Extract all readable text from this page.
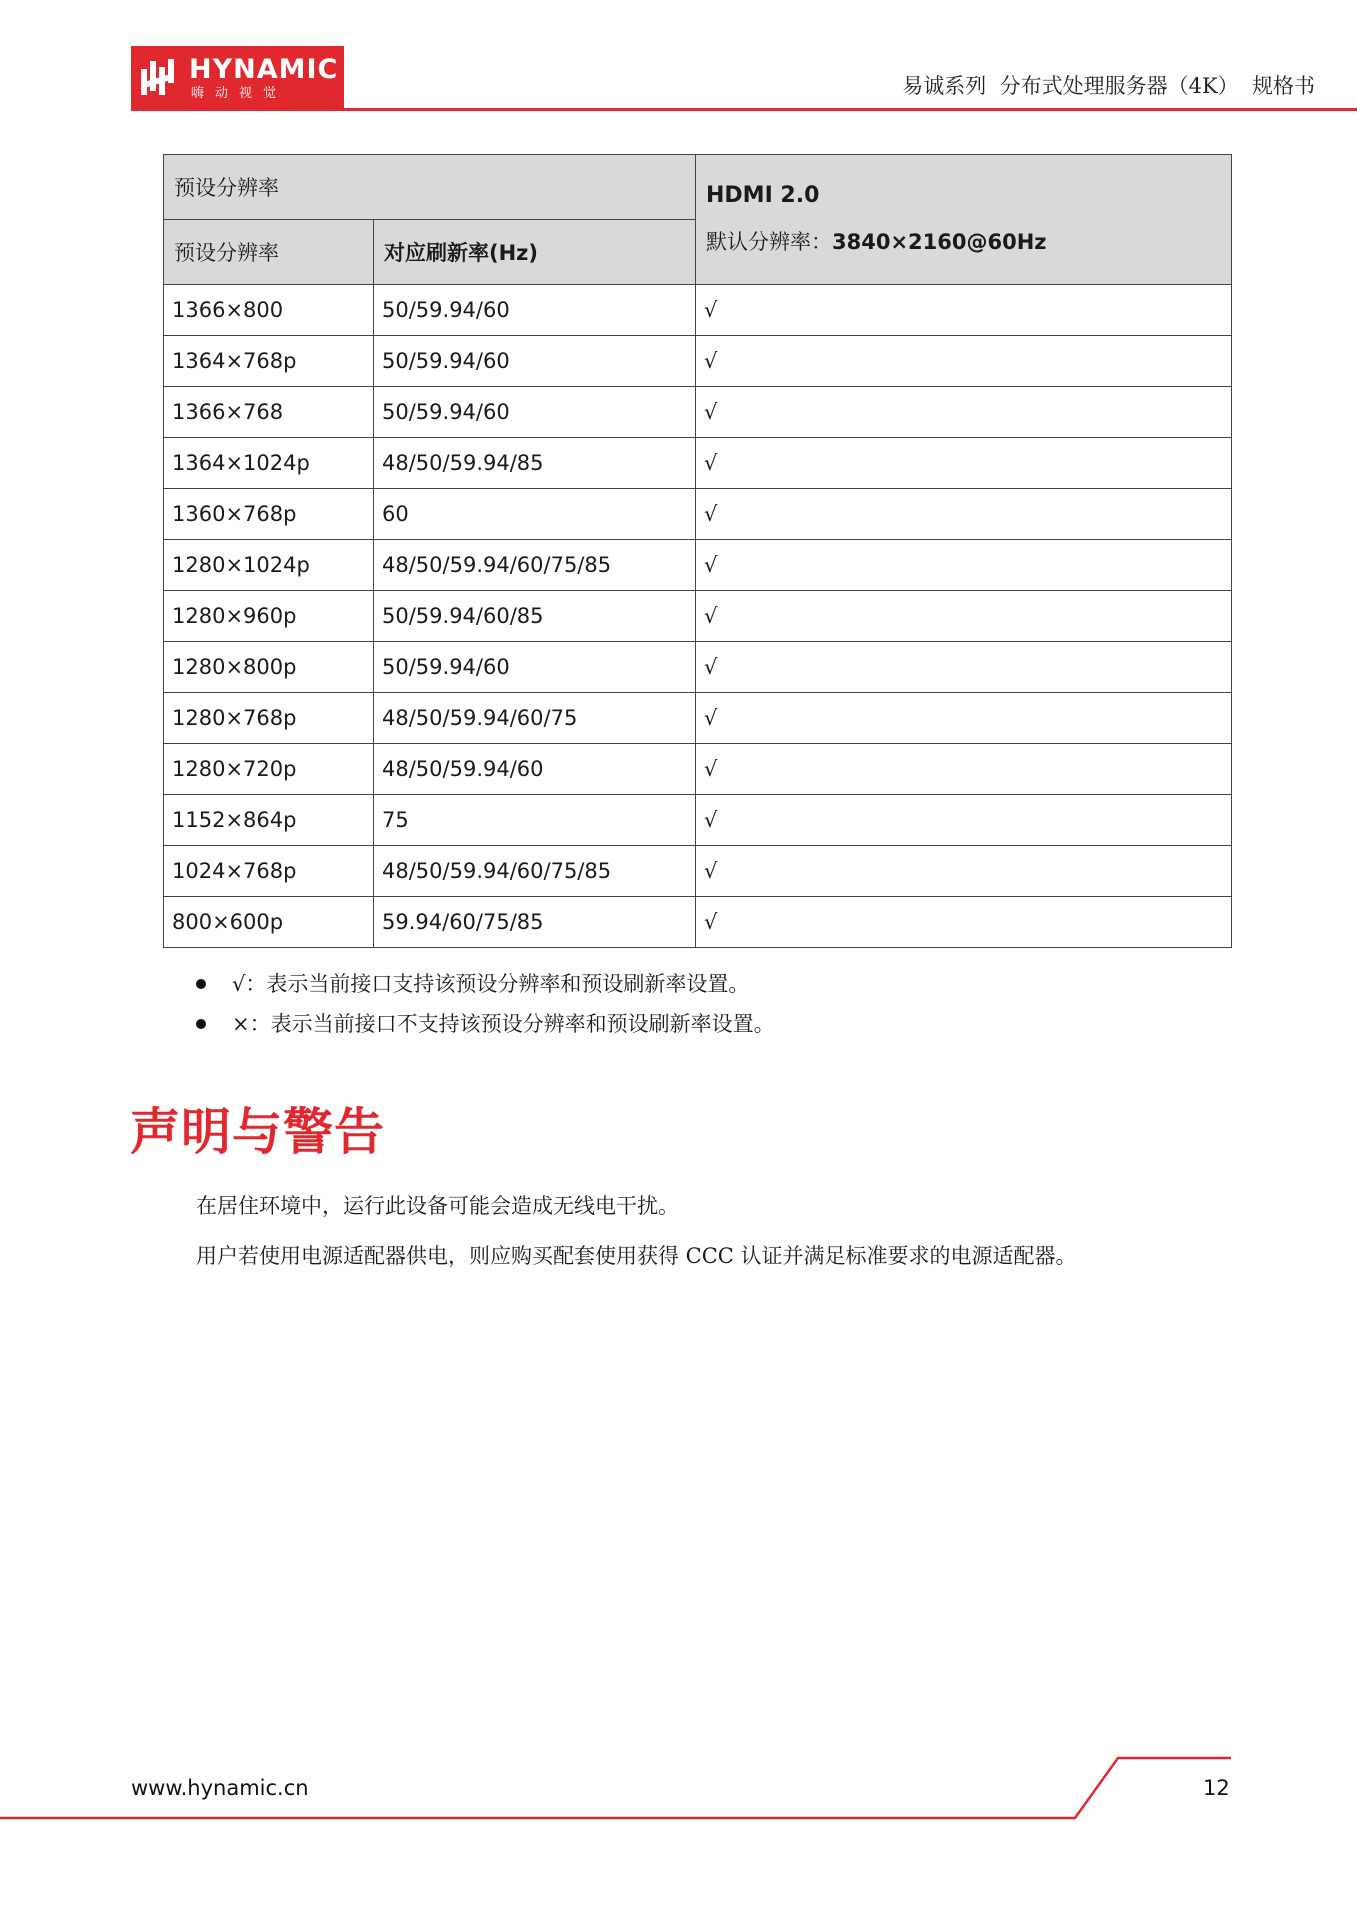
HYNAMIC
嗨动视觉	易诚系列  分布式处理服务器（4K）  规格书
预设分辨率		HDMI 2.0
默认分辨率：3840×2160@60Hz

预设分辨率	对应刷新率(Hz)	
1366×800	50/59.94/60	√
1364×768p	50/59.94/60	√
1366×768	50/59.94/60	√
1364×1024p	48/50/59.94/85	√
1360×768p	60	√
1280×1024p	48/50/59.94/60/75/85	√
1280×960p	50/59.94/60/85	√
1280×800p	50/59.94/60	√
1280×768p	48/50/59.94/60/75	√
1280×720p	48/50/59.94/60	√
1152×864p	75	√
1024×768p	48/50/59.94/60/75/85	√
800×600p	59.94/60/75/85	√
√：表示当前接口支持该预设分辨率和预设刷新率设置。
×：表示当前接口不支持该预设分辨率和预设刷新率设置。
声明与警告

在居住环境中，运行此设备可能会造成无线电干扰。

用户若使用电源适配器供电，则应购买配套使用获得 CCC 认证并满足标准要求的电源适配器。

www.hynamic.cn	12
